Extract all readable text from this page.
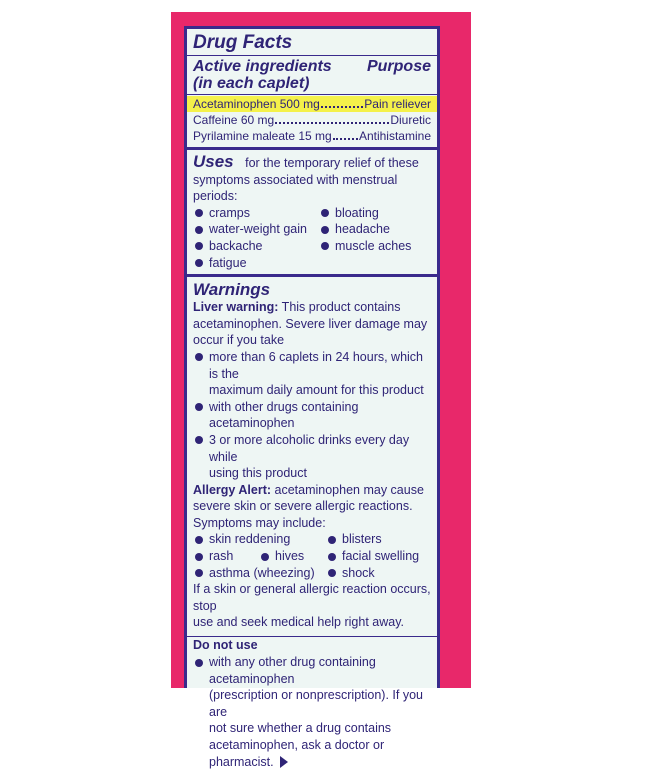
Drug Facts
Active ingredients Purpose
(in each caplet)
Acetaminophen 500 mg	Pain reliever
Caffeine 60 mg	Diuretic
Pyrilamine maleate 15 mg Antihistamine
Uses for the temporary relief of these
symptoms associated with menstrual periods:
cramps
water-weight gain
backache
fatigue
bloating
headache
muscle aches
Warnings
Liver warning: This product contains
acetaminophen. Severe liver damage may
occur if you take
more than 6 caplets in 24 hours, which is the
maximum daily amount for this product
with other drugs containing acetaminophen
3 or more alcoholic drinks every day while
using this product
Allergy Alert: acetaminophen may cause
severe skin or severe allergic reactions.
Symptoms may include:
skin reddening	blisters
rash	hives	facial swelling
asthma (wheezing)	shock
If a skin or general allergic reaction occurs, stop
use and seek medical help right away.
Do not use
with any other drug containing acetaminophen
(prescription or nonprescription). If you are
not sure whether a drug contains
acetaminophen, ask a doctor or pharmacist.
